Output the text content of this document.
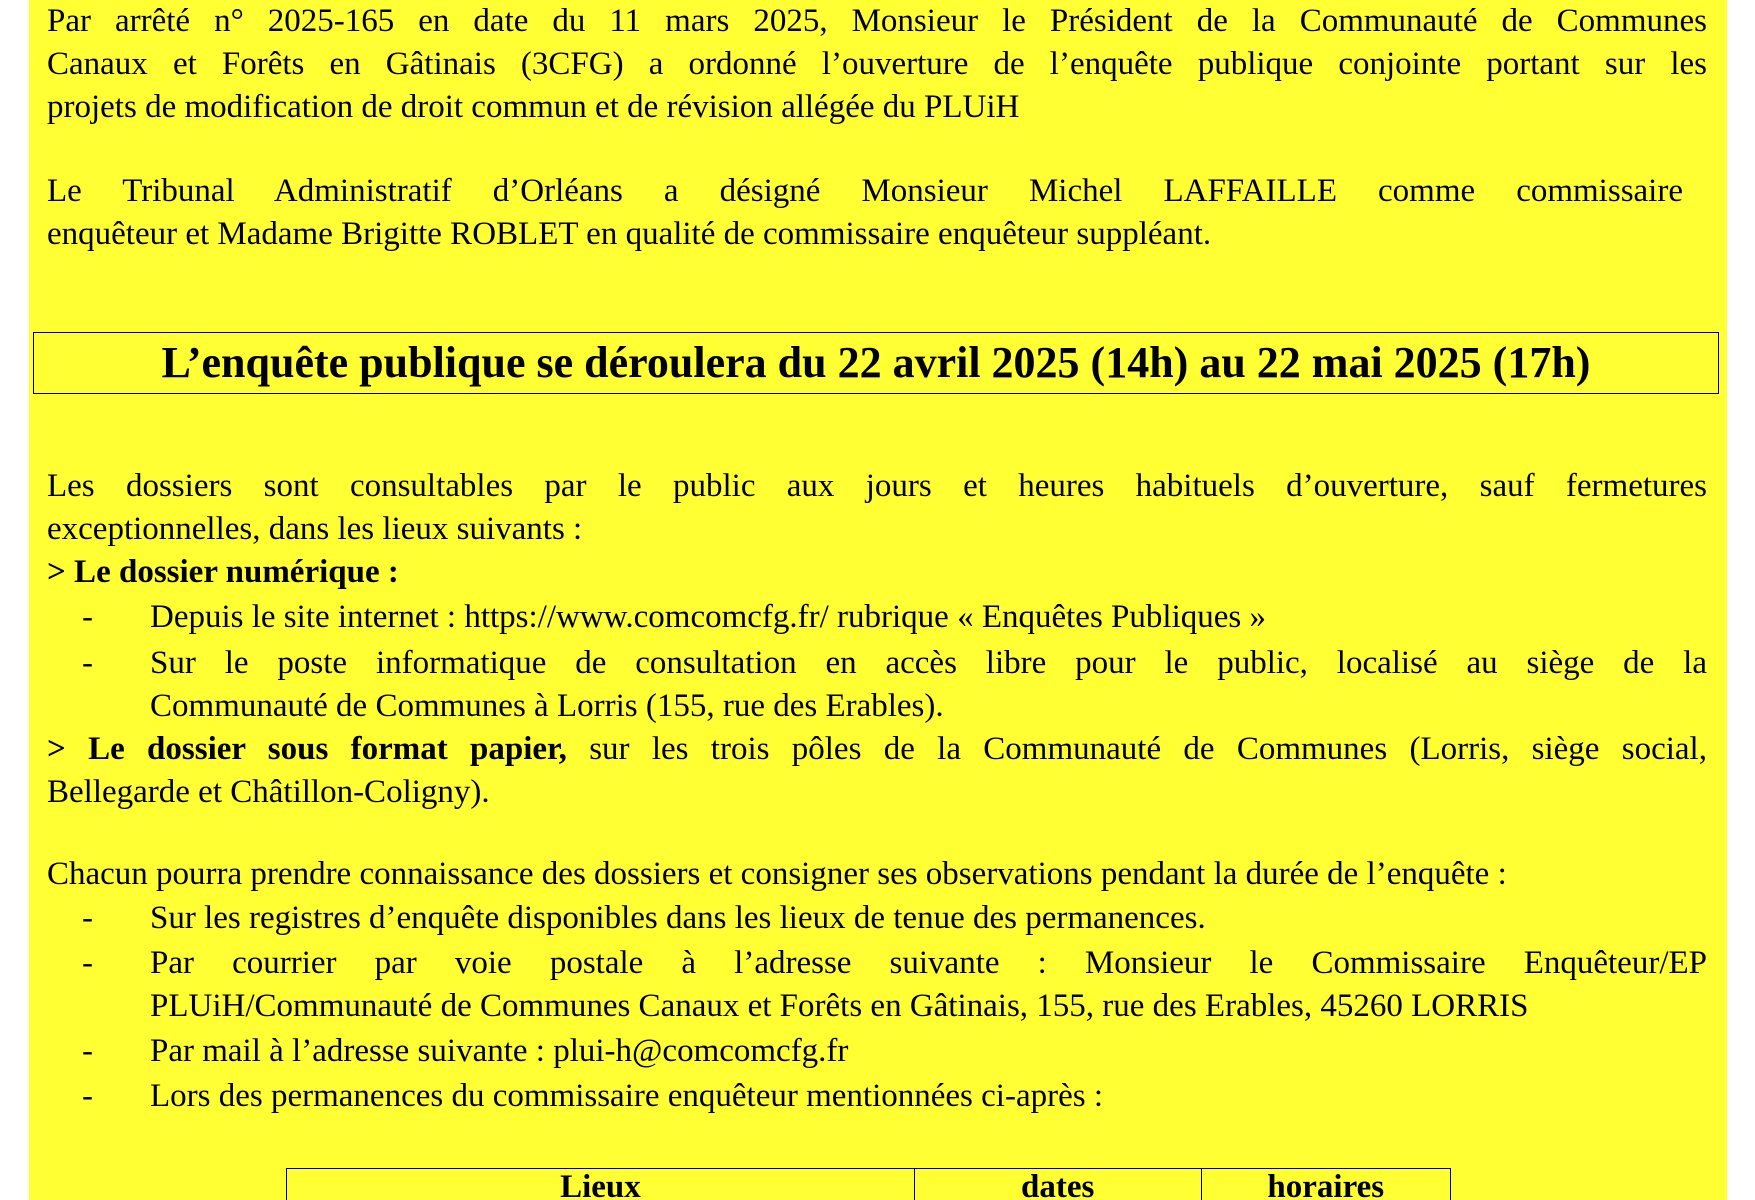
Par arrêté n° 2025-165 en date du 11 mars 2025, Monsieur le Président de la Communauté de Communes
Canaux et Forêts en Gâtinais (3CFG) a ordonné l’ouverture de l’enquête publique conjointe portant sur les
projets de modification de droit commun et de révision allégée du PLUiH
Le Tribunal Administratif d’Orléans a désigné Monsieur Michel LAFFAILLE comme commissaire
enquêteur et Madame Brigitte ROBLET en qualité de commissaire enquêteur suppléant.
L’enquête publique se déroulera du 22 avril 2025 (14h) au 22 mai 2025 (17h)
Les dossiers sont consultables par le public aux jours et heures habituels d’ouverture, sauf fermetures
exceptionnelles, dans les lieux suivants :
> Le dossier numérique :
- Depuis le site internet : https://www.comcomcfg.fr/ rubrique « Enquêtes Publiques »
- Sur le poste informatique de consultation en accès libre pour le public, localisé au siège de la
Communauté de Communes à Lorris (155, rue des Erables).
> Le dossier sous format papier, sur les trois pôles de la Communauté de Communes (Lorris, siège social,
Bellegarde et Châtillon-Coligny).
Chacun pourra prendre connaissance des dossiers et consigner ses observations pendant la durée de l’enquête :
- Sur les registres d’enquête disponibles dans les lieux de tenue des permanences.
- Par courrier par voie postale à l’adresse suivante : Monsieur le Commissaire Enquêteur/EP
PLUiH/Communauté de Communes Canaux et Forêts en Gâtinais, 155, rue des Erables, 45260 LORRIS
- Par mail à l’adresse suivante : plui-h@comcomcfg.fr
- Lors des permanences du commissaire enquêteur mentionnées ci-après :
Lieux	dates	horaires
